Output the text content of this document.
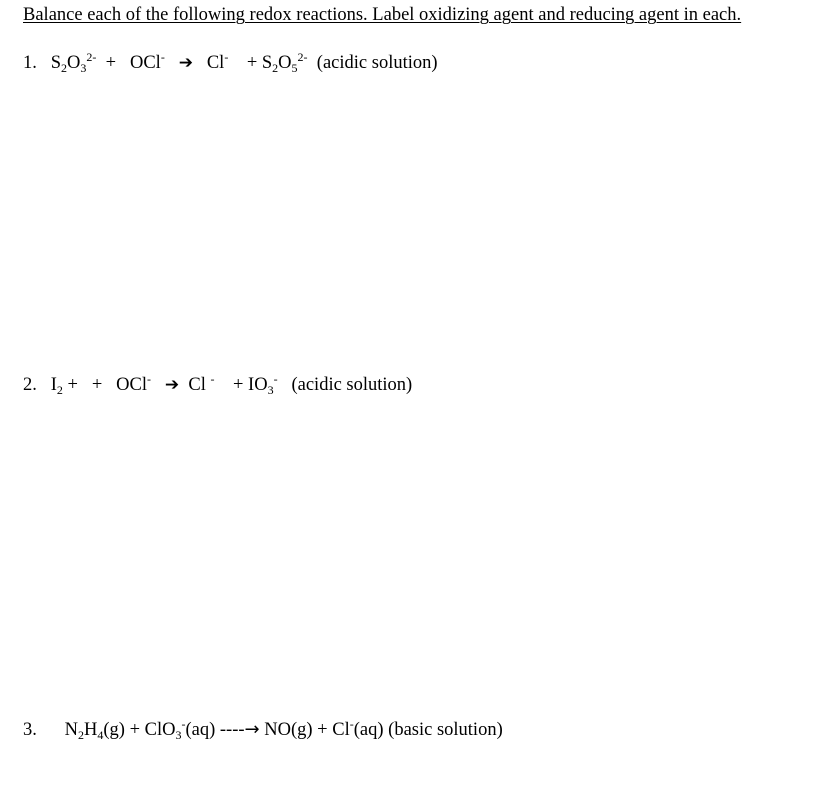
Balance each of the following redox reactions. Label oxidizing agent and reducing agent in each.
1.   $S_2O_3^{2-} + OCl^-$ ➔   Cl-    + $S_2O_5^{2-}$ (acidic solution)
2.   $I_2$ +   +   OCl- ➔  Cl -    + $IO_3^-$ (acidic solution)
3.      $N_2H_4(g) + ClO_3^-(aq)$ ----→ NO(g) + Cl-(aq) (basic solution)
